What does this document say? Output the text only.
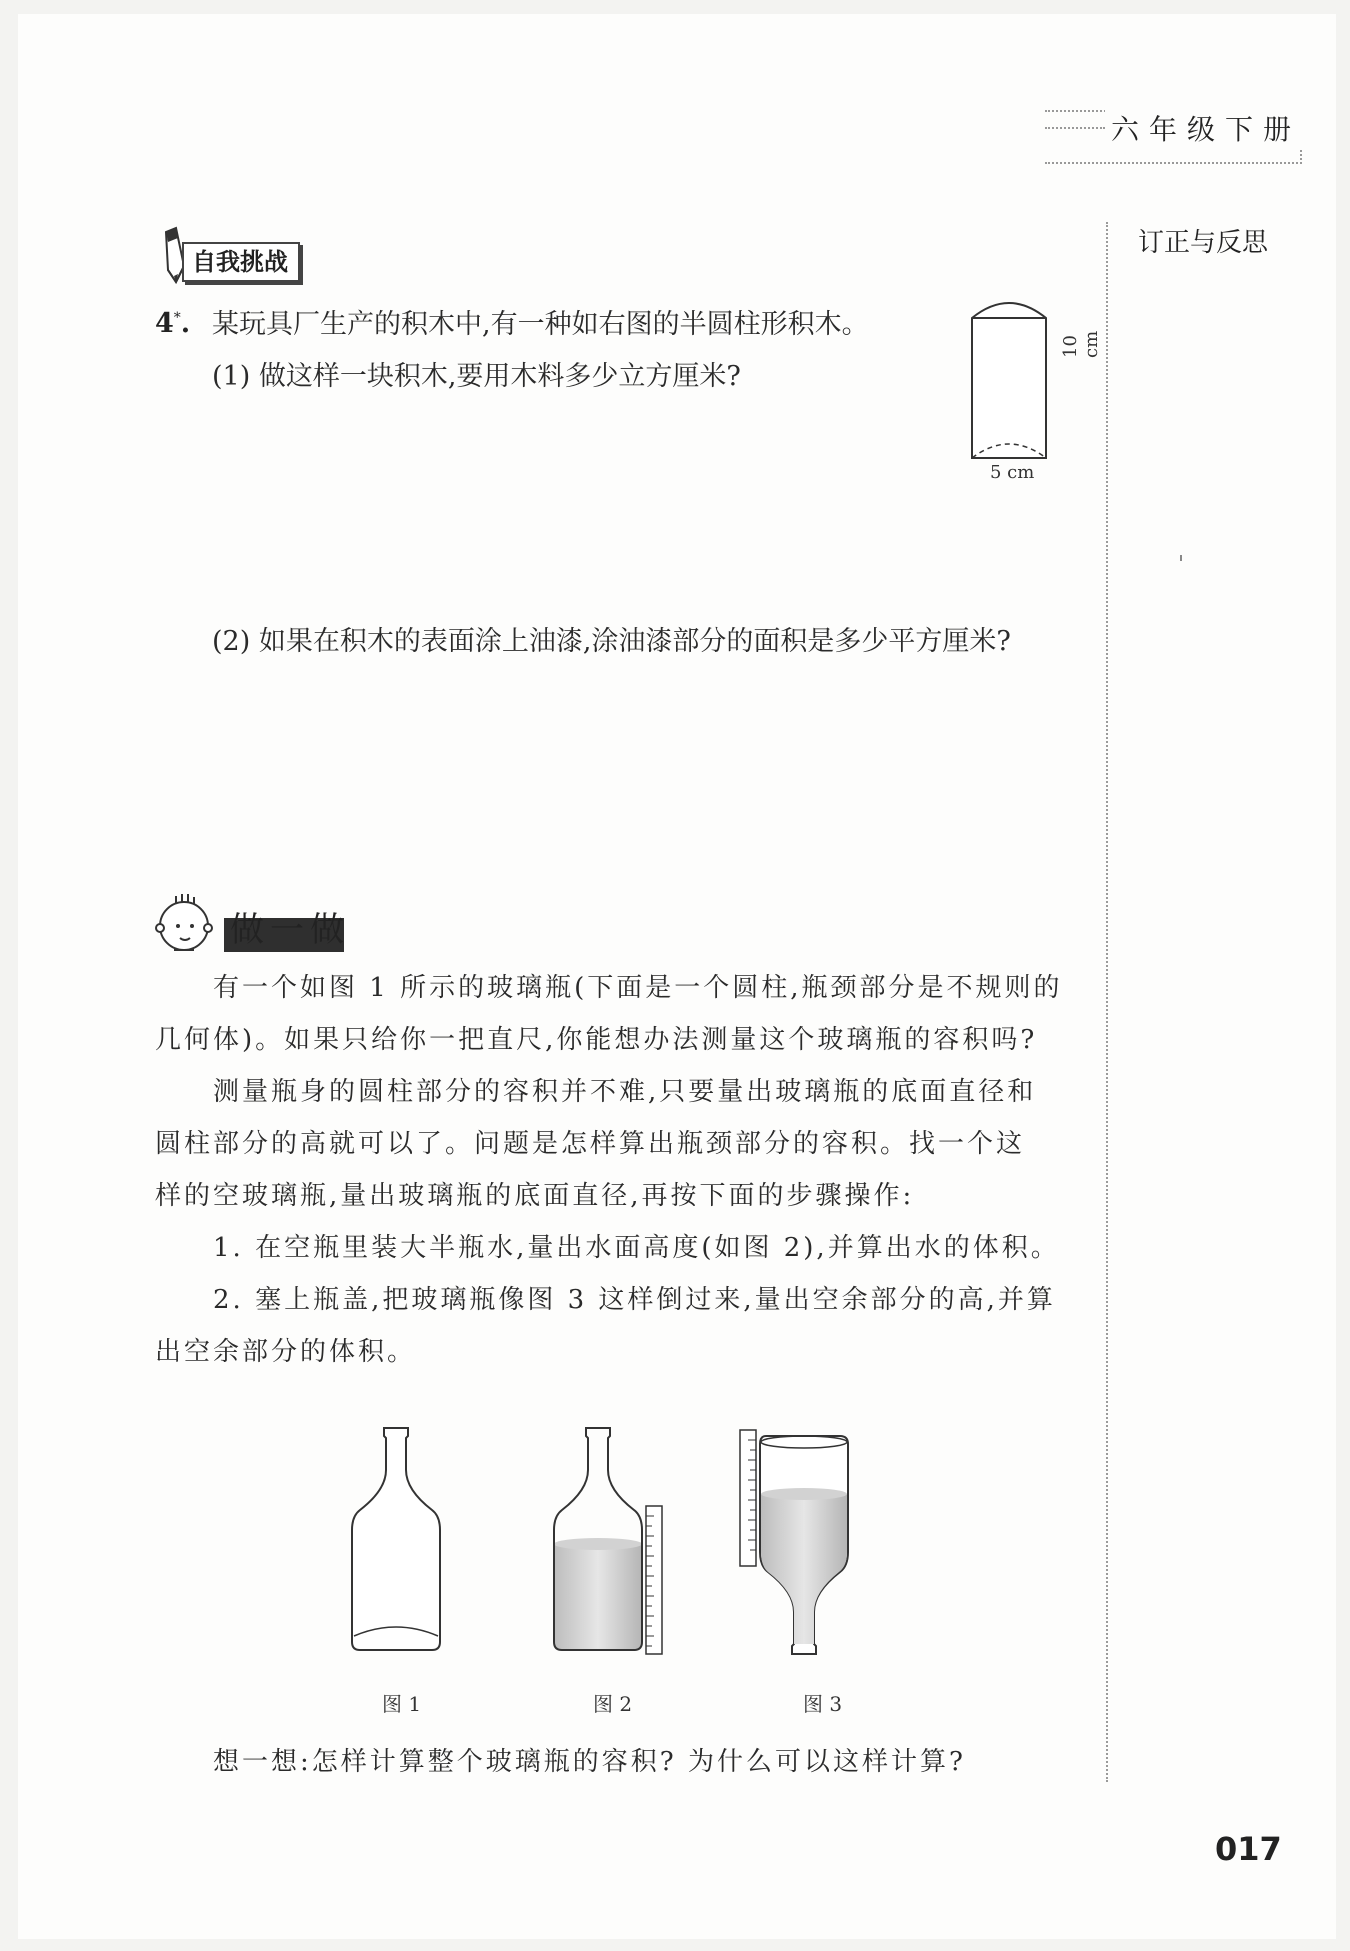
六年级下册
订正与反思
自我挑战
4*. 某玩具厂生产的积木中,有一种如右图的半圆柱形积木。
(1) 做这样一块积木,要用木料多少立方厘米?
(2) 如果在积木的表面涂上油漆,涂油漆部分的面积是多少平方厘米?
10 cm
5 cm
做一做
有一个如图 1 所示的玻璃瓶(下面是一个圆柱,瓶颈部分是不规则的
几何体)。如果只给你一把直尺,你能想办法测量这个玻璃瓶的容积吗?
测量瓶身的圆柱部分的容积并不难,只要量出玻璃瓶的底面直径和
圆柱部分的高就可以了。问题是怎样算出瓶颈部分的容积。找一个这
样的空玻璃瓶,量出玻璃瓶的底面直径,再按下面的步骤操作:
1. 在空瓶里装大半瓶水,量出水面高度(如图 2),并算出水的体积。
2. 塞上瓶盖,把玻璃瓶像图 3 这样倒过来,量出空余部分的高,并算
出空余部分的体积。
图 1	图 2	图 3
想一想:怎样计算整个玻璃瓶的容积? 为什么可以这样计算?
017
